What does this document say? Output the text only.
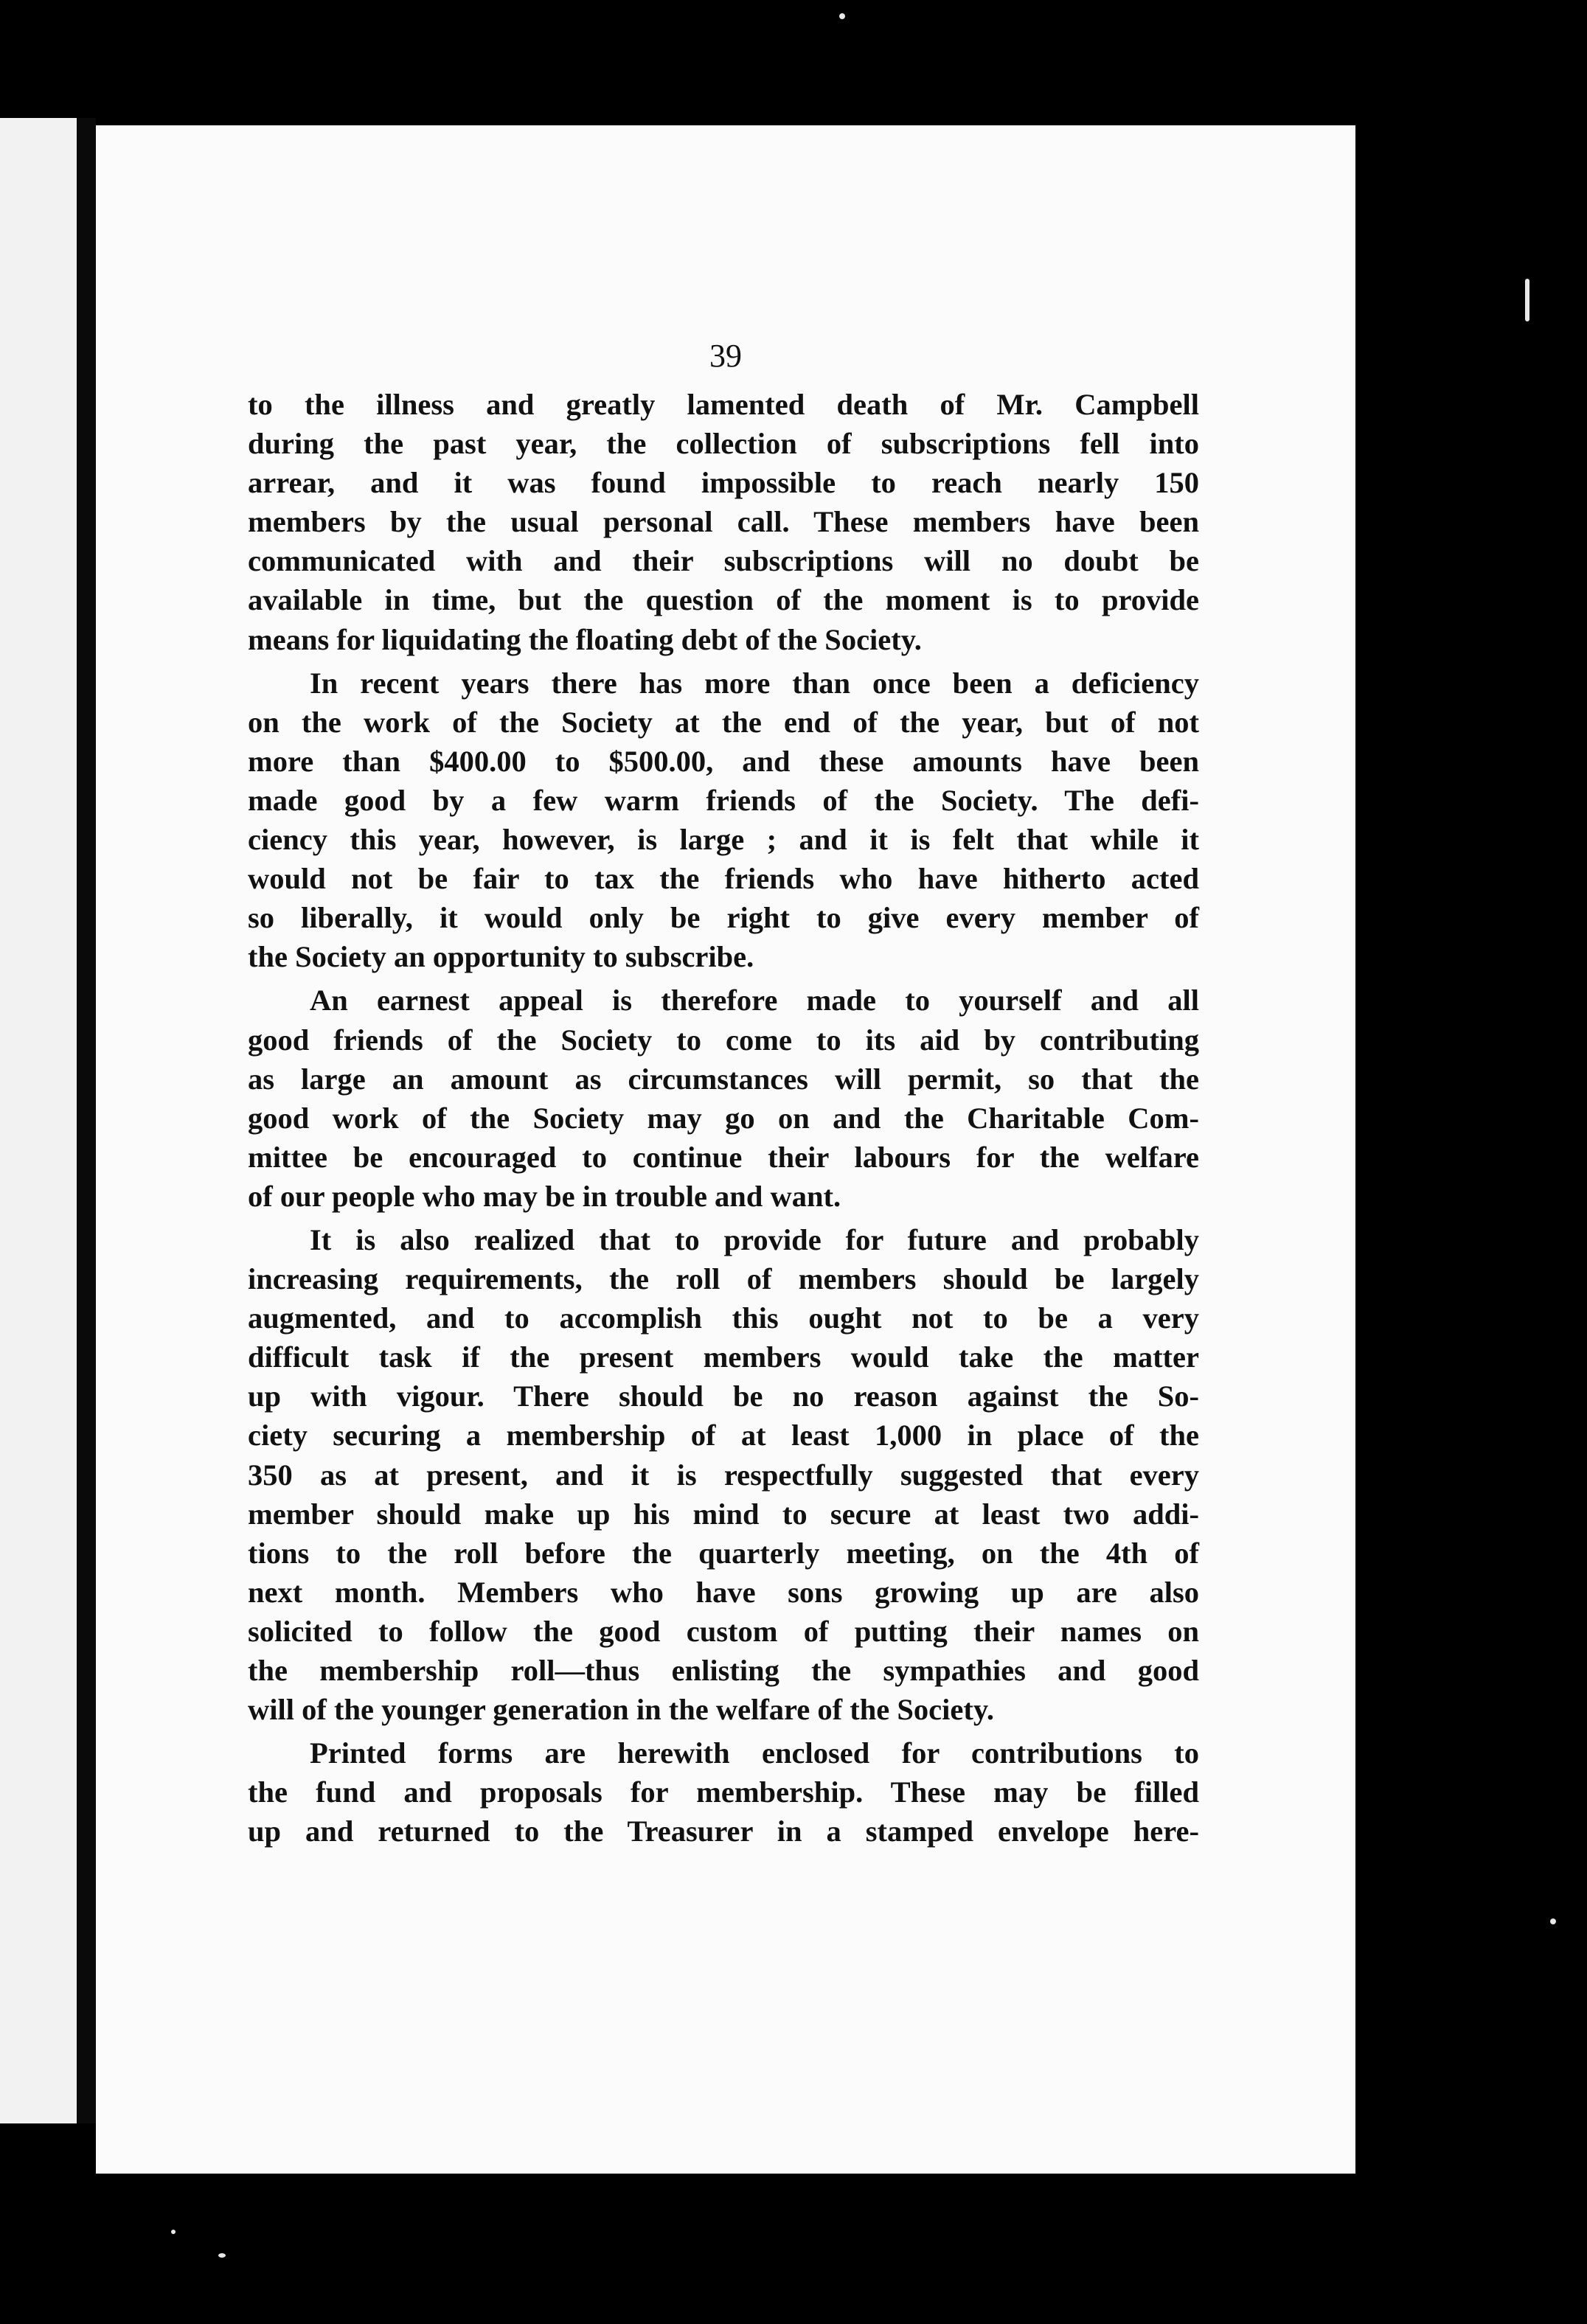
39
to the illness and greatly lamented death of Mr. Campbell
during the past year, the collection of subscriptions fell into
arrear, and it was found impossible to reach nearly 150
members by the usual personal call. These members have been
communicated with and their subscriptions will no doubt be
available in time, but the question of the moment is to provide
means for liquidating the floating debt of the Society.
In recent years there has more than once been a deficiency
on the work of the Society at the end of the year, but of not
more than $400.00 to $500.00, and these amounts have been
made good by a few warm friends of the Society. The defi-
ciency this year, however, is large ; and it is felt that while it
would not be fair to tax the friends who have hitherto acted
so liberally, it would only be right to give every member of
the Society an opportunity to subscribe.
An earnest appeal is therefore made to yourself and all
good friends of the Society to come to its aid by contributing
as large an amount as circumstances will permit, so that the
good work of the Society may go on and the Charitable Com-
mittee be encouraged to continue their labours for the welfare
of our people who may be in trouble and want.
It is also realized that to provide for future and probably
increasing requirements, the roll of members should be largely
augmented, and to accomplish this ought not to be a very
difficult task if the present members would take the matter
up with vigour. There should be no reason against the So-
ciety securing a membership of at least 1,000 in place of the
350 as at present, and it is respectfully suggested that every
member should make up his mind to secure at least two addi-
tions to the roll before the quarterly meeting, on the 4th of
next month. Members who have sons growing up are also
solicited to follow the good custom of putting their names on
the membership roll—thus enlisting the sympathies and good
will of the younger generation in the welfare of the Society.
Printed forms are herewith enclosed for contributions to
the fund and proposals for membership. These may be filled
up and returned to the Treasurer in a stamped envelope here-
